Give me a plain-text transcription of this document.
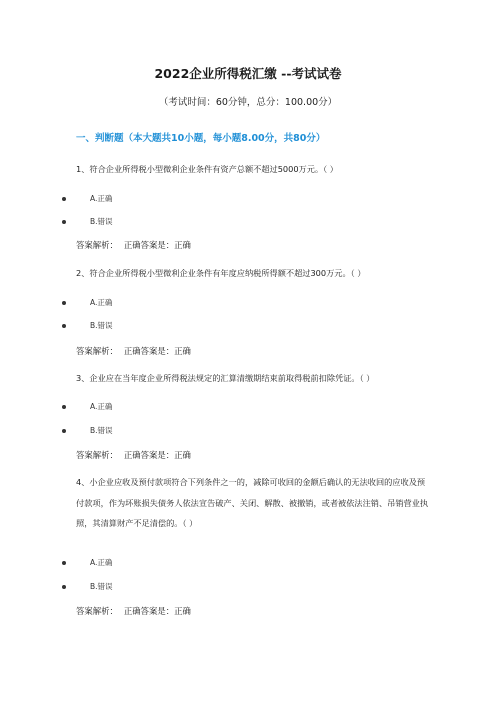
2022企业所得税汇缴 --考试试卷
（考试时间：60分钟，总分：100.00分）
一、判断题（本大题共10小题，每小题8.00分，共80分）
1、符合企业所得税小型微利企业条件有资产总额不超过5000万元。（ ）
A.正确
B.错误
答案解析： 正确答案是：正确
2、符合企业所得税小型微利企业条件有年度应纳税所得额不超过300万元。（ ）
A.正确
B.错误
答案解析： 正确答案是：正确
3、企业应在当年度企业所得税法规定的汇算清缴期结束前取得税前扣除凭证。（ ）
A.正确
B.错误
答案解析： 正确答案是：正确
4、小企业应收及预付款项符合下列条件之一的，减除可收回的金额后确认的无法收回的应收及预付款项，作为坏账损失债务人依法宣告破产、关闭、解散、被撤销，或者被依法注销、吊销营业执照，其清算财产不足清偿的。（ ）
A.正确
B.错误
答案解析： 正确答案是：正确
